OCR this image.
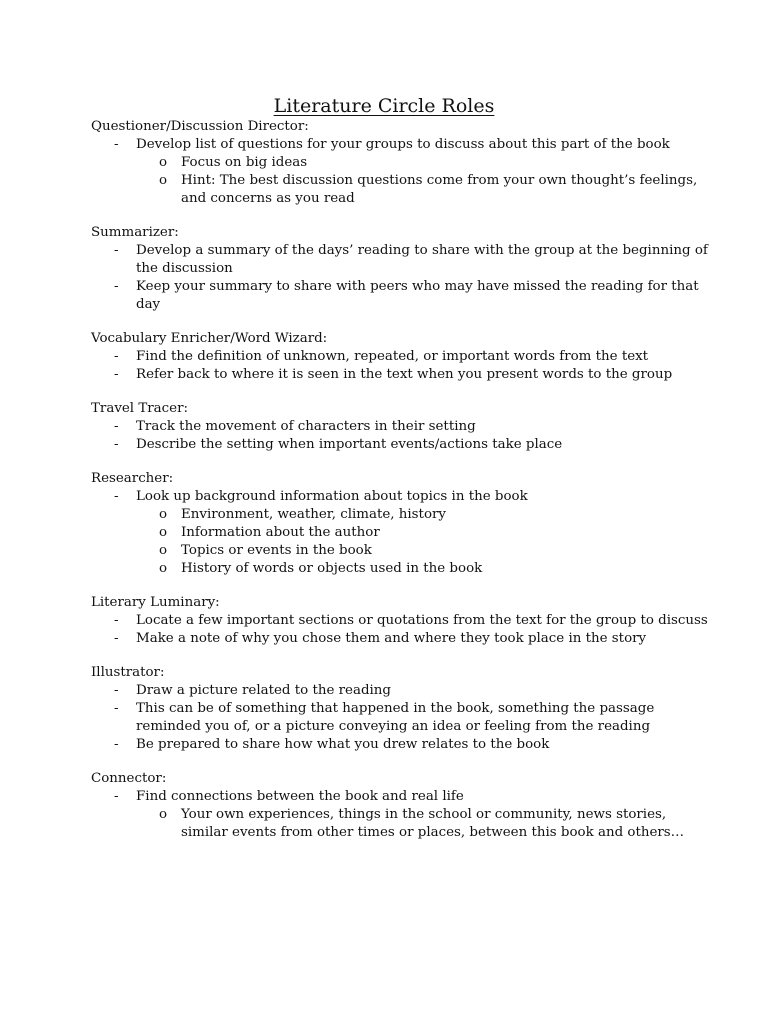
Literature Circle Roles
Questioner/Discussion Director:
- Develop list of questions for your groups to discuss about this part of the book
o Focus on big ideas
o Hint: The best discussion questions come from your own thought’s feelings, and concerns as you read
Summarizer:
- Develop a summary of the days’ reading to share with the group at the beginning of the discussion
- Keep your summary to share with peers who may have missed the reading for that day
Vocabulary Enricher/Word Wizard:
- Find the definition of unknown, repeated, or important words from the text
- Refer back to where it is seen in the text when you present words to the group
Travel Tracer:
- Track the movement of characters in their setting
- Describe the setting when important events/actions take place
Researcher:
- Look up background information about topics in the book
o Environment, weather, climate, history
o Information about the author
o Topics or events in the book
o History of words or objects used in the book
Literary Luminary:
- Locate a few important sections or quotations from the text for the group to discuss
- Make a note of why you chose them and where they took place in the story
Illustrator:
- Draw a picture related to the reading
- This can be of something that happened in the book, something the passage reminded you of, or a picture conveying an idea or feeling from the reading
- Be prepared to share how what you drew relates to the book
Connector:
- Find connections between the book and real life
o Your own experiences, things in the school or community, news stories, similar events from other times or places, between this book and others…
